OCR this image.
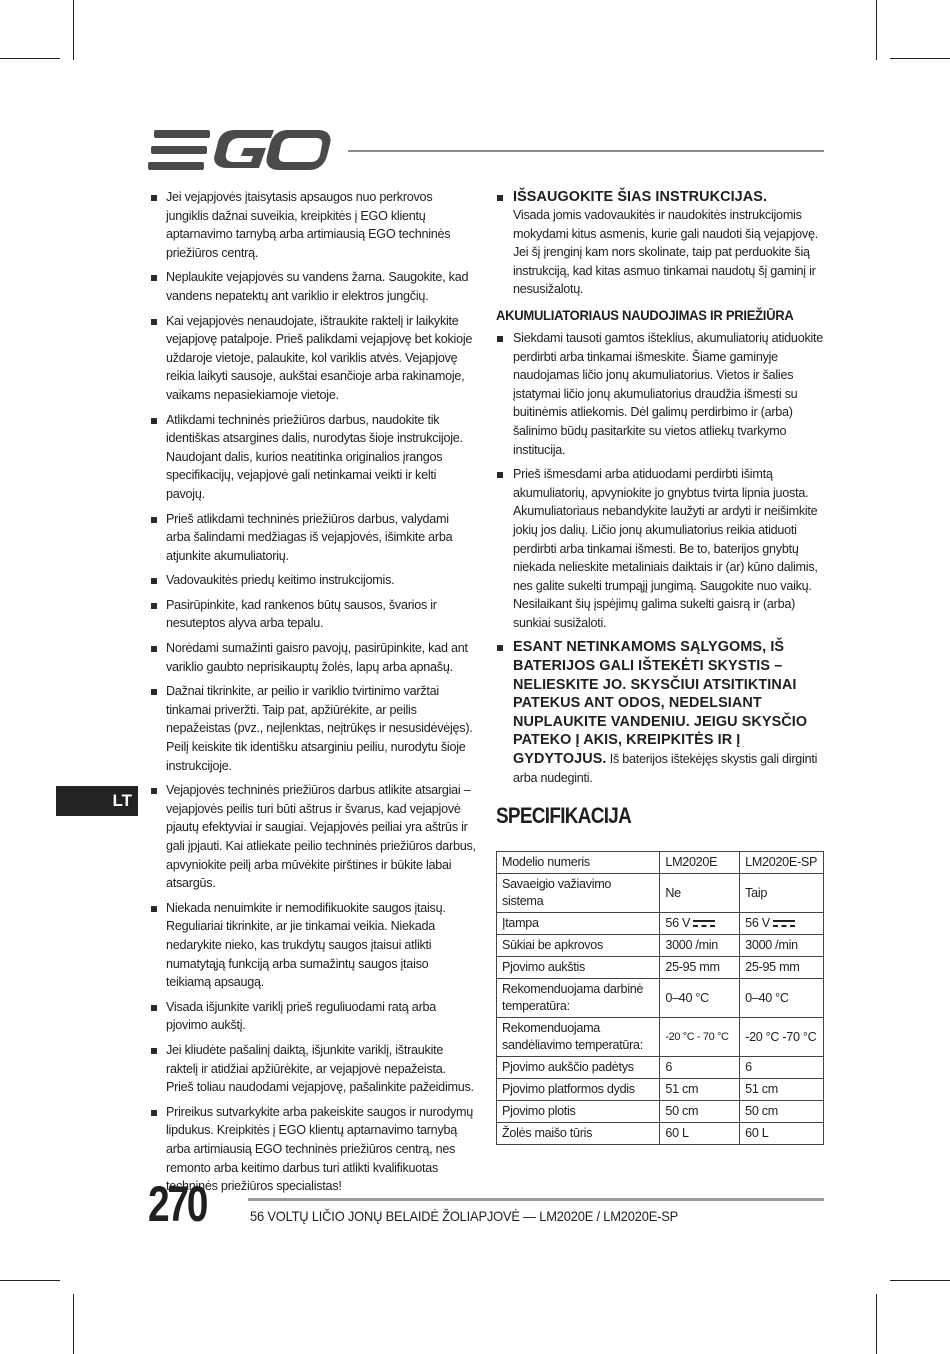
Jei vejapjovės įtaisytasis apsaugos nuo perkrovos jungiklis dažnai suveikia, kreipkitės į EGO klientų aptarnavimo tarnybą arba artimiausią EGO techninės priežiūros centrą.
Neplaukite vejapjovės su vandens žarna. Saugokite, kad vandens nepatektų ant variklio ir elektros jungčių.
Kai vejapjovės nenaudojate, ištraukite raktelį ir laikykite vejapjovę patalpoje. Prieš palikdami vejapjovę bet kokioje uždaroje vietoje, palaukite, kol variklis atvės. Vejapjovę reikia laikyti sausoje, aukštai esančioje arba rakinamoje, vaikams nepasiekiamoje vietoje.
Atlikdami techninės priežiūros darbus, naudokite tik identiškas atsargines dalis, nurodytas šioje instrukcijoje. Naudojant dalis, kurios neatitinka originalios įrangos specifikacijų, vejapjovė gali netinkamai veikti ir kelti pavojų.
Prieš atlikdami techninės priežiūros darbus, valydami arba šalindami medžiagas iš vejapjovės, išimkite arba atjunkite akumuliatorių.
Vadovaukitės priedų keitimo instrukcijomis.
Pasirūpinkite, kad rankenos būtų sausos, švarios ir nesuteptos alyva arba tepalu.
Norėdami sumažinti gaisro pavojų, pasirūpinkite, kad ant variklio gaubto neprisikauptų žolės, lapų arba apnašų.
Dažnai tikrinkite, ar peilio ir variklio tvirtinimo varžtai tinkamai priveržti. Taip pat, apžiūrėkite, ar peilis nepažeistas (pvz., neįlenktas, neįtrūkęs ir nesusidėvėjęs). Peilį keiskite tik identišku atsarginiu peiliu, nurodytu šioje instrukcijoje.
Vejapjovės techninės priežiūros darbus atlikite atsargiai – vejapjovės peilis turi būti aštrus ir švarus, kad vejapjovė pjautų efektyviai ir saugiai. Vejapjovės peiliai yra aštrūs ir gali įpjauti. Kai atliekate peilio techninės priežiūros darbus, apvyniokite peilį arba mūvėkite pirštines ir būkite labai atsargūs.
Niekada nenuimkite ir nemodifikuokite saugos įtaisų. Reguliariai tikrinkite, ar jie tinkamai veikia. Niekada nedarykite nieko, kas trukdytų saugos įtaisui atlikti numatytąją funkciją arba sumažintų saugos įtaiso teikiamą apsaugą.
Visada išjunkite variklį prieš reguliuodami ratą arba pjovimo aukštį.
Jei kliudėte pašalinį daiktą, išjunkite variklį, ištraukite raktelį ir atidžiai apžiūrėkite, ar vejapjovė nepažeista. Prieš toliau naudodami vejapjovę, pašalinkite pažeidimus.
Prireikus sutvarkykite arba pakeiskite saugos ir nurodymų lipdukus. Kreipkitės į EGO klientų aptarnavimo tarnybą arba artimiausią EGO techninės priežiūros centrą, nes remonto arba keitimo darbus turi atlikti kvalifikuotas techninės priežiūros specialistas!
IŠSAUGOKITE ŠIAS INSTRUKCIJAS.
Visada jomis vadovaukitės ir naudokitės instrukcijomis mokydami kitus asmenis, kurie gali naudoti šią vejapjovę. Jei šį įrenginį kam nors skolinate, taip pat perduokite šią instrukciją, kad kitas asmuo tinkamai naudotų šį gaminį ir nesusižalotų.
AKUMULIATORIAUS NAUDOJIMAS IR PRIEŽIŪRA
Siekdami tausoti gamtos išteklius, akumuliatorių atiduokite perdirbti arba tinkamai išmeskite. Šiame gaminyje naudojamas ličio jonų akumuliatorius. Vietos ir šalies įstatymai ličio jonų akumuliatorius draudžia išmesti su buitinėmis atliekomis. Dėl galimų perdirbimo ir (arba) šalinimo būdų pasitarkite su vietos atliekų tvarkymo institucija.
Prieš išmesdami arba atiduodami perdirbti išimtą akumuliatorių, apvyniokite jo gnybtus tvirta lipnia juosta. Akumuliatoriaus nebandykite laužyti ar ardyti ir neišimkite jokių jos dalių. Ličio jonų akumuliatorius reikia atiduoti perdirbti arba tinkamai išmesti. Be to, baterijos gnybtų niekada nelieskite metaliniais daiktais ir (ar) kūno dalimis, nes galite sukelti trumpąjį jungimą. Saugokite nuo vaikų. Nesilaikant šių įspėjimų galima sukelti gaisrą ir (arba) sunkiai susižaloti.
ESANT NETINKAMOMS SĄLYGOMS, IŠ BATERIJOS GALI IŠTEKĖTI SKYSTIS – NELIESKITE JO. SKYSČIUI ATSITIKTINAI PATEKUS ANT ODOS, NEDELSIANT NUPLAUKITE VANDENIU. JEIGU SKYSČIO PATEKO Į AKIS, KREIPKITĖS IR Į GYDYTOJUS. Iš baterijos ištekėjęs skystis gali dirginti arba nudeginti.
SPECIFIKACIJA
Modelio numeris	LM2020E	LM2020E-SP
Savaeigio važiavimo sistema	Ne	Taip
Įtampa	56 V	56 V
Sūkiai be apkrovos	3000 /min	3000 /min
Pjovimo aukštis	25-95 mm	25-95 mm
Rekomenduojama darbinė temperatūra:	0–40 °C	0–40 °C
Rekomenduojama sandėliavimo temperatūra:	-20 °C - 70 °C	-20 °C -70 °C
Pjovimo aukščio padėtys	6	6
Pjovimo platformos dydis	51 cm	51 cm
Pjovimo plotis	50 cm	50 cm
Žolės maišo tūris	60 L	60 L
LT
270	56 VOLTŲ LIČIO JONŲ BELAIDĖ ŽOLIAPJOVĖ — LM2020E / LM2020E-SP
